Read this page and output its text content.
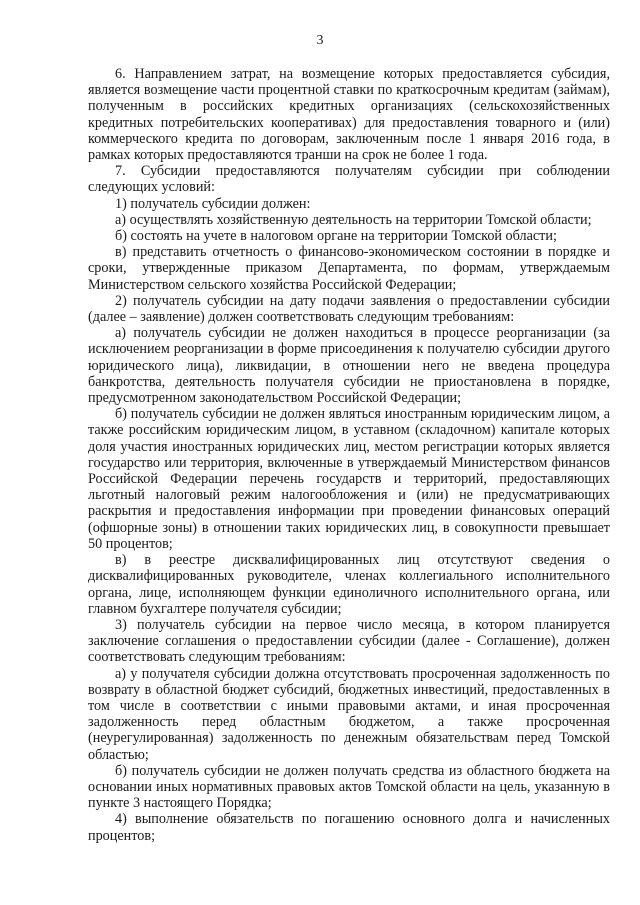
3

6. Направлением затрат, на возмещение которых предоставляется субсидия, является возмещение части процентной ставки по краткосрочным кредитам (займам), полученным в российских кредитных организациях (сельскохозяйственных кредитных потребительских кооперативах) для предоставления товарного и (или) коммерческого кредита по договорам, заключенным после 1 января 2016 года, в рамках которых предоставляются транши на срок не более 1 года.

7. Субсидии предоставляются получателям субсидии при соблюдении следующих условий:

1) получатель субсидии должен:

а) осуществлять хозяйственную деятельность на территории Томской области;

б) состоять на учете в налоговом органе на территории Томской области;

в) представить отчетность о финансово-экономическом состоянии в порядке и сроки, утвержденные приказом Департамента, по формам, утверждаемым Министерством сельского хозяйства Российской Федерации;

2) получатель субсидии на дату подачи заявления о предоставлении субсидии (далее – заявление) должен соответствовать следующим требованиям:

а) получатель субсидии не должен находиться в процессе реорганизации (за исключением реорганизации в форме присоединения к получателю субсидии другого юридического лица), ликвидации, в отношении него не введена процедура банкротства, деятельность получателя субсидии не приостановлена в порядке, предусмотренном законодательством Российской Федерации;

б) получатель субсидии не должен являться иностранным юридическим лицом, а также российским юридическим лицом, в уставном (складочном) капитале которых доля участия иностранных юридических лиц, местом регистрации которых является государство или территория, включенные в утверждаемый Министерством финансов Российской Федерации перечень государств и территорий, предоставляющих льготный налоговый режим налогообложения и (или) не предусматривающих раскрытия и предоставления информации при проведении финансовых операций (офшорные зоны) в отношении таких юридических лиц, в совокупности превышает 50 процентов;

в) в реестре дисквалифицированных лиц отсутствуют сведения о дисквалифицированных руководителе, членах коллегиального исполнительного органа, лице, исполняющем функции единоличного исполнительного органа, или главном бухгалтере получателя субсидии;

3) получатель субсидии на первое число месяца, в котором планируется заключение соглашения о предоставлении субсидии (далее - Соглашение), должен соответствовать следующим требованиям:

а) у получателя субсидии должна отсутствовать просроченная задолженность по возврату в областной бюджет субсидий, бюджетных инвестиций, предоставленных в том числе в соответствии с иными правовыми актами, и иная просроченная задолженность перед областным бюджетом, а также просроченная (неурегулированная) задолженность по денежным обязательствам перед Томской областью;

б) получатель субсидии не должен получать средства из областного бюджета на основании иных нормативных правовых актов Томской области на цель, указанную в пункте 3 настоящего Порядка;

4) выполнение обязательств по погашению основного долга и начисленных процентов;
